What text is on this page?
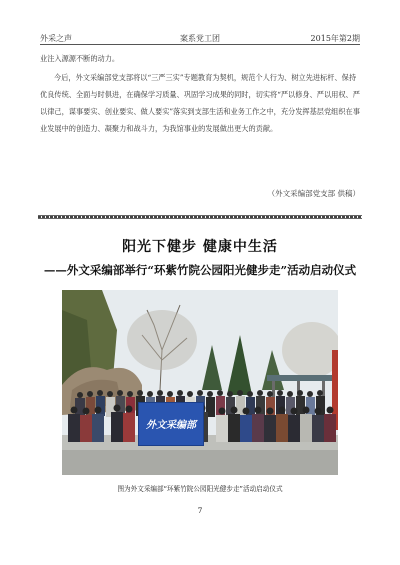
外采之声	案系党工团	2015年第2期

业注入源源不断的动力。

今后，外文采编部党支部将以“三严三实”专题教育为契机，规范个人行为、树立先进标杆、保持优良传统、全面与时俱进，在确保学习质量、巩固学习成果的同时，切实将“严以修身、严以用权、严以律己，谋事要实、创业要实、做人要实”落实到支部生活和业务工作之中，充分发挥基层党组织在事业发展中的创造力、凝聚力和战斗力，为我馆事业的发展做出更大的贡献。

（外文采编部党支部 供稿）
阳光下健步 健康中生活
——外文采编部举行“环紫竹院公园阳光健步走”活动启动仪式
外文采编部
图为外文采编部“环紫竹院公园阳光健步走”活动启动仪式
7
